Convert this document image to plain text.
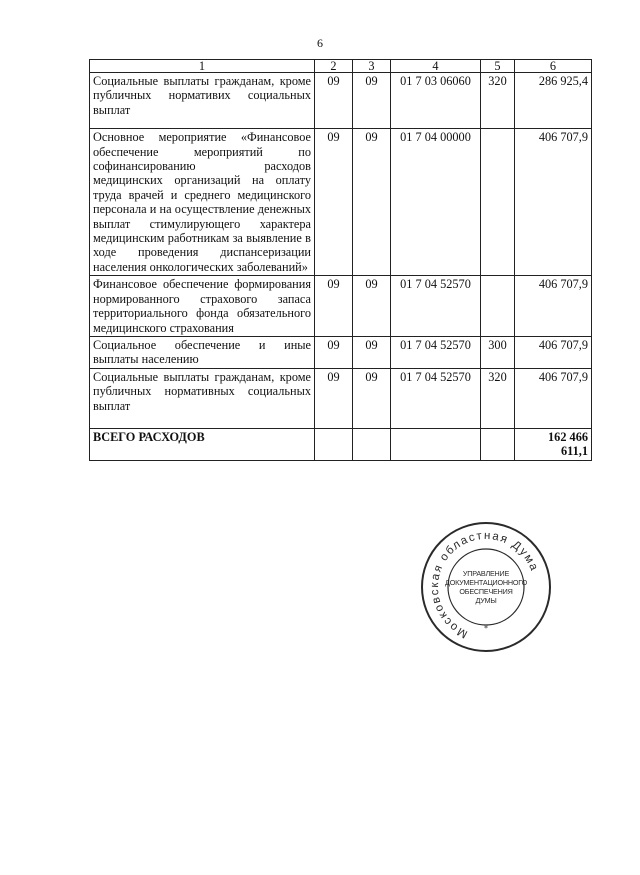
6
1	2	3	4	5	6
Социальные выплаты гражданам, кроме публичных нормативих социальных выплат	09	09	01 7 03 06060	320	286 925,4
Основное мероприятие «Финансовое обеспечение мероприятий по софинансированию расходов медицинских организаций на оплату труда врачей и среднего медицинского персонала и на осуществление денежных выплат стимулирующего характера медицинским работникам за выявление в ходе проведения диспансеризации населения онкологических заболеваний»	09	09	01 7 04 00000		406 707,9
Финансовое обеспечение формирования нормированного страхового запаса территориального фонда обязательного медицинского страхования	09	09	01 7 04 52570		406 707,9
Социальное обеспечение и иные выплаты населению	09	09	01 7 04 52570	300	406 707,9
Социальные выплаты гражданам, кроме публичных нормативных социальных выплат	09	09	01 7 04 52570	320	406 707,9
ВСЕГО РАСХОДОВ					162 466 611,1
Московская областная Дума
УПРАВЛЕНИЕ
ДОКУМЕНТАЦИОННОГО
ОБЕСПЕЧЕНИЯ
ДУМЫ
*
